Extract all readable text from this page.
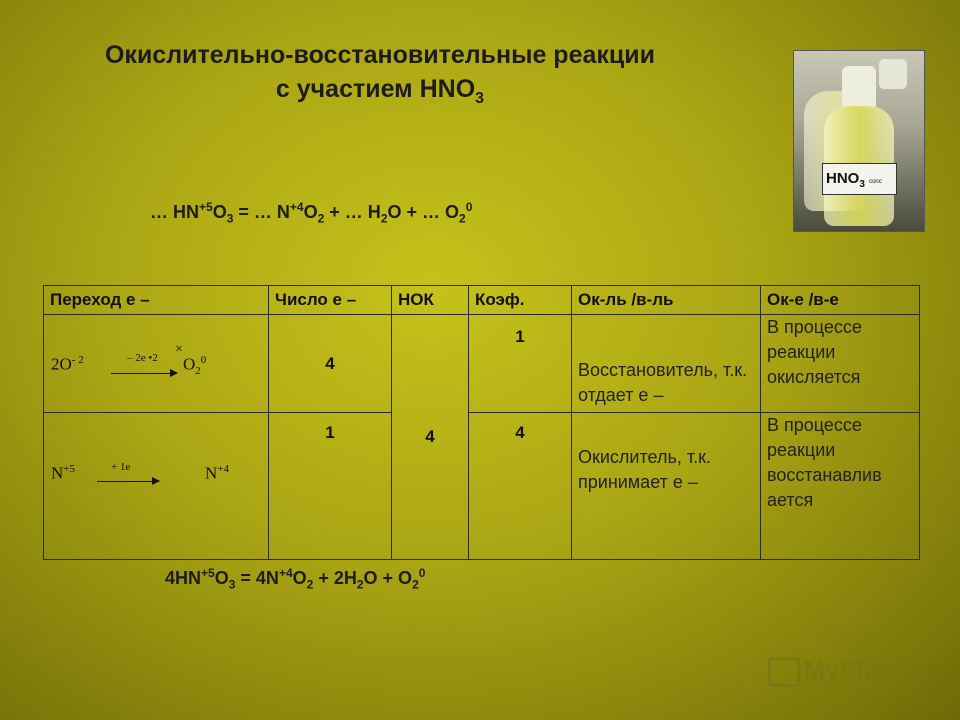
Окислительно-восстановительные реакции
с участием $HNO_3$
$HNO_3$ conc
… $HN^{+5}O_3$ = … $N^{+4}O_2$ + … $H_2O$ + … $O_2^0$
Переход е –	Число е –	НОК	Коэф.	Ок-ль /в-ль	Ок-е /в-е

$2O^{- 2} - 2e$ •2
×
$O_2^0$	4	4	1	Восстановитель, т.к. отдает е –	В процессе реакции окисляется

$N^{+5} + 1e$ $N^{+4}$	1		4	Окислитель, т.к. принимает е –	В процессе реакции восстанавлив ается
$4HN^{+5}O_3 = 4N^{+4}O_2 + 2H_2O + O_2^0$
MyShared
